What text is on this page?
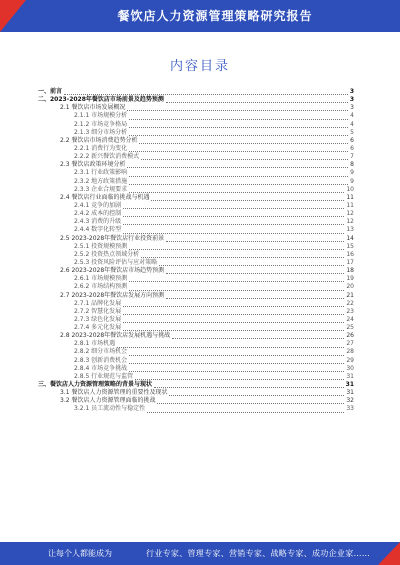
餐饮店人力资源管理策略研究报告
内容目录
一、前言	3
二、2023-2028年餐饮店市场前景及趋势预测	3
2.1 餐饮店市场发展概况	3
2.1.1 市场规模分析	4
2.1.2 市场竞争格局	4
2.1.3 细分市场分析	5
2.2 餐饮店市场消费趋势分析	6
2.2.1 消费行为变化	6
2.2.2 新兴餐饮消费模式	7
2.3 餐饮店政策环境分析	8
2.3.1 行业政策影响	9
2.3.2 地方政策措施	9
2.3.3 企业合规要求	10
2.4 餐饮店行业面临的挑战与机遇	11
2.4.1 竞争的加剧	11
2.4.2 成本的控制	12
2.4.3 消费的升级	12
2.4.4 数字化转型	13
2.5 2023-2028年餐饮店行业投资前景	14
2.5.1 投资规模预测	15
2.5.2 投资热点领域分析	16
2.5.3 投资风险评估与应对策略	17
2.6 2023-2028年餐饮店市场趋势预测	18
2.6.1 市场规模预测	19
2.6.2 市场结构预测	20
2.7 2023-2028年餐饮店发展方向预测	21
2.7.1 品牌化发展	22
2.7.2 智慧化发展	23
2.7.3 绿色化发展	24
2.7.4 多元化发展	25
2.8 2023-2028年餐饮店发展机遇与挑战	26
2.8.1 市场机遇	27
2.8.2 细分市场机会	28
2.8.3 创新消费机会	29
2.8.4 市场竞争挑战	30
2.8.5 行业规范与监管	31
三、餐饮店人力资源管理策略的背景与现状	31
3.1 餐饮店人力资源管理的重要性及现状	31
3.2 餐饮店人力资源管理面临的挑战	32
3.2.1 员工流动性与稳定性	33
让每个人都能成为	行业专家、管理专家、营销专家、战略专家、成功企业家……
